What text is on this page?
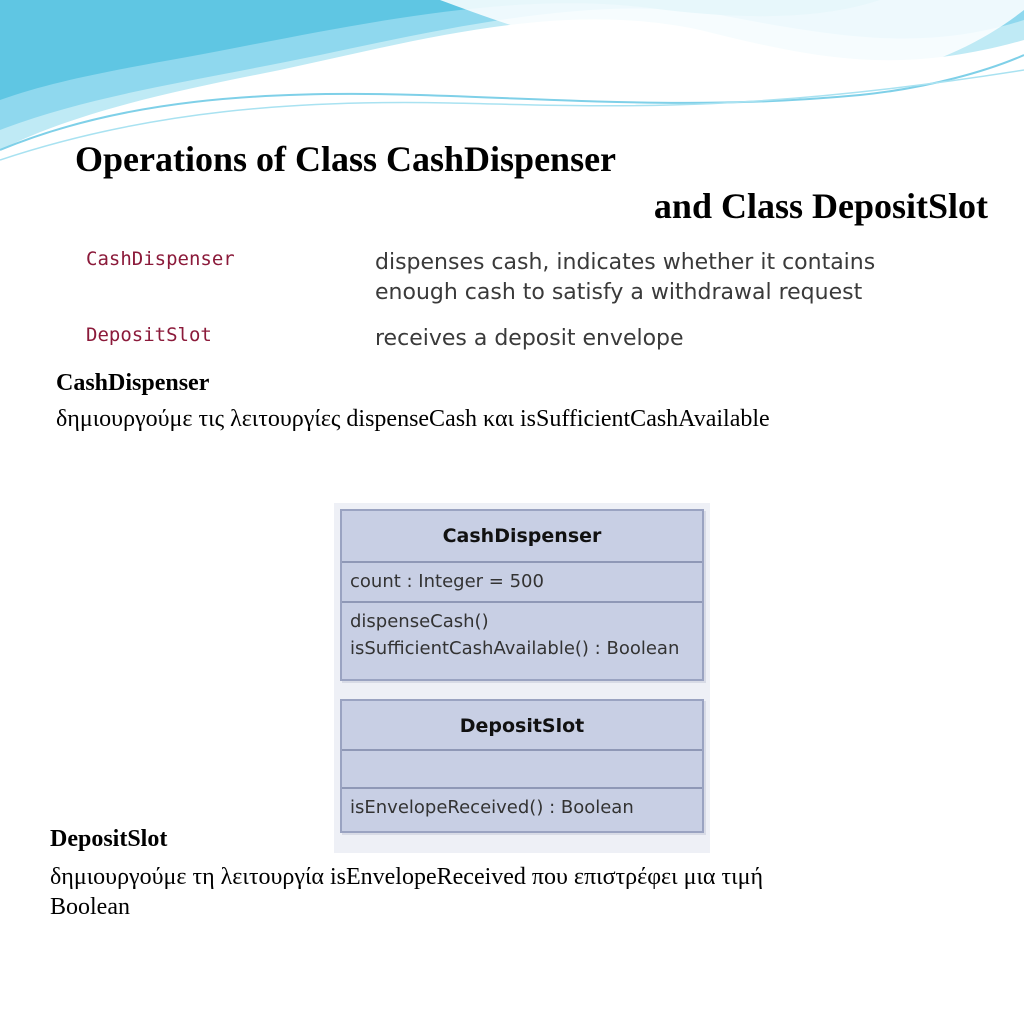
Operations of Class CashDispenser
and Class DepositSlot
CashDispenser	dispenses cash, indicates whether it contains
enough cash to satisfy a withdrawal request
DepositSlot	receives a deposit envelope

CashDispenser

δημιουργούμε τις λειτουργίες dispenseCash και isSufficientCashAvailable

CashDispenser
count : Integer = 500
dispenseCash()
isSufficientCashAvailable() : Boolean
DepositSlot
isEnvelopeReceived() : Boolean

DepositSlot

δημιουργούμε τη λειτουργία isEnvelopeReceived που επιστρέφει μια τιμή
Boolean
